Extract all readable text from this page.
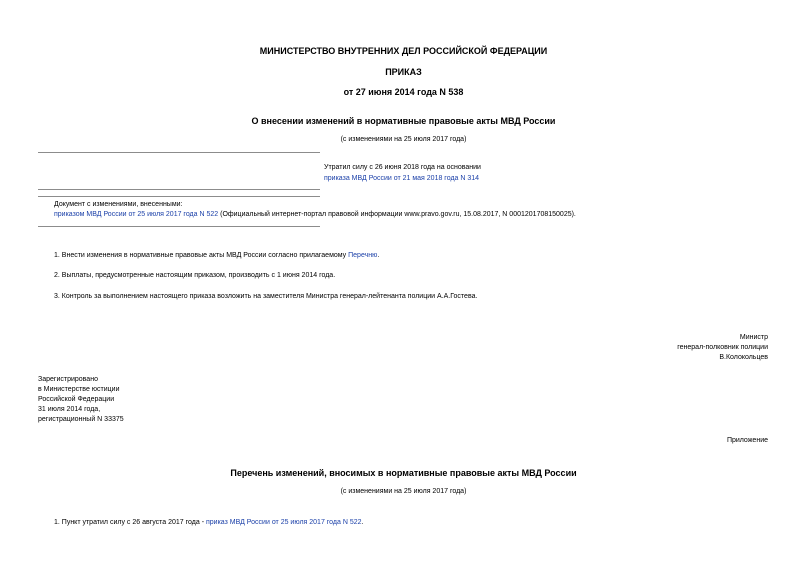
МИНИСТЕРСТВО ВНУТРЕННИХ ДЕЛ РОССИЙСКОЙ ФЕДЕРАЦИИ
ПРИКАЗ
от 27 июня 2014 года N 538
О внесении изменений в нормативные правовые акты МВД России
(с изменениями на 25 июля 2017 года)
Утратил силу с 26 июня 2018 года на основании
приказа МВД России от 21 мая 2018 года N 314
Документ с изменениями, внесенными:
приказом МВД России от 25 июля 2017 года N 522 (Официальный интернет-портал правовой информации www.pravo.gov.ru, 15.08.2017, N 0001201708150025).
1. Внести изменения в нормативные правовые акты МВД России согласно прилагаемому Перечню.
2. Выплаты, предусмотренные настоящим приказом, производить с 1 июня 2014 года.
3. Контроль за выполнением настоящего приказа возложить на заместителя Министра генерал-лейтенанта полиции А.А.Гостева.
Министр
генерал-полковник полиции
В.Колокольцев
Зарегистрировано
в Министерстве юстиции
Российской Федерации
31 июля 2014 года,
регистрационный N 33375
Приложение
Перечень изменений, вносимых в нормативные правовые акты МВД России
(с изменениями на 25 июля 2017 года)
1. Пункт утратил силу с 26 августа 2017 года - приказ МВД России от 25 июля 2017 года N 522.
